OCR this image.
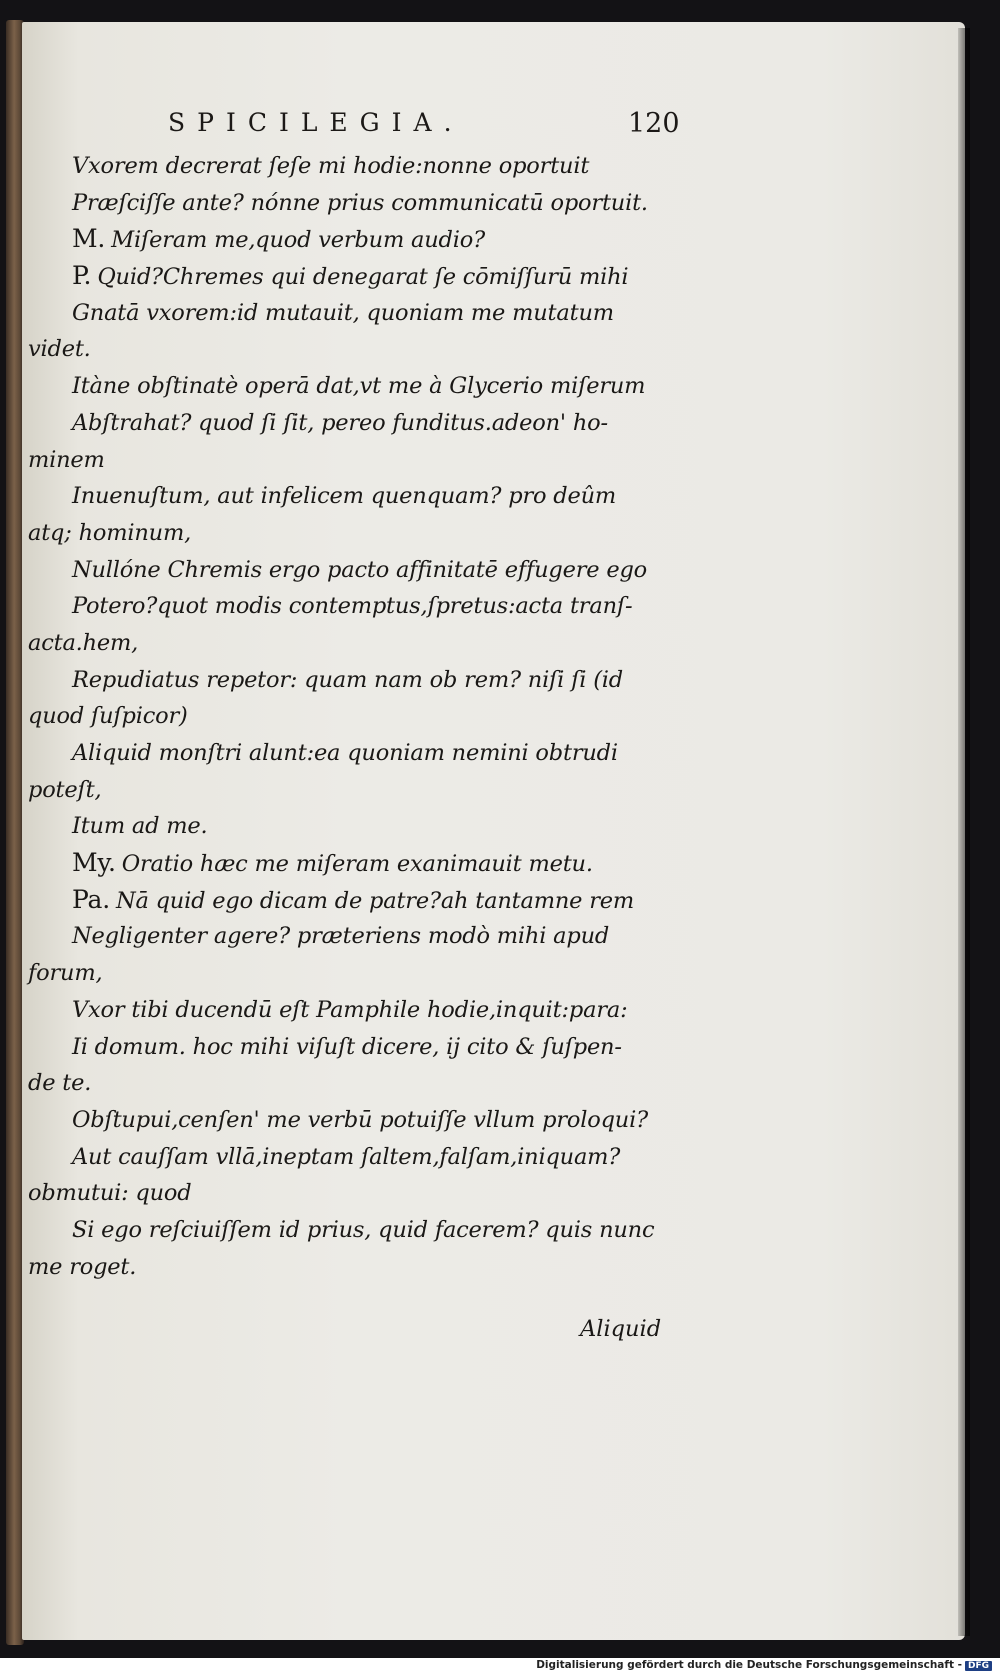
SPICILEGIA.	120
Vxorem decrerat ſeſe mi hodie:nonne oportuit
Præſciſſe ante? nónne prius communicatū oportuit.
M. Miſeram me,quod verbum audio?
P. Quid?Chremes qui denegarat ſe cōmiſſurū mihi
Gnatā vxorem:id mutauit, quoniam me mutatum
videt.
Itàne obſtinatè operā dat,vt me à Glycerio miſerum
Abſtrahat? quod ſi ſit, pereo funditus.adeon' ho-
minem
Inuenuſtum, aut infelicem quenquam? pro deûm
atq; hominum,
Nullóne Chremis ergo pacto affinitatē effugere ego
Potero?quot modis contemptus,ſpretus:acta tranſ-
acta.hem,
Repudiatus repetor: quam nam ob rem? niſi ſi (id
quod ſuſpicor)
Aliquid monſtri alunt:ea quoniam nemini obtrudi
poteſt,
Itum ad me.
My. Oratio hæc me miſeram exanimauit metu.
Pa. Nā quid ego dicam de patre?ah tantamne rem
Negligenter agere? præteriens modò mihi apud
forum,
Vxor tibi ducendū eſt Pamphile hodie,inquit:para:
Ii domum. hoc mihi viſuſt dicere, ij cito & ſuſpen-
de te.
Obſtupui,cenſen' me verbū potuiſſe vllum proloqui?
Aut cauſſam vllā,ineptam ſaltem,falſam,iniquam?
obmutui: quod
Si ego reſciuiſſem id prius, quid facerem? quis nunc
me roget.
Aliquid
Digitalisierung gefördert durch die Deutsche Forschungsgemeinschaft - DFG
